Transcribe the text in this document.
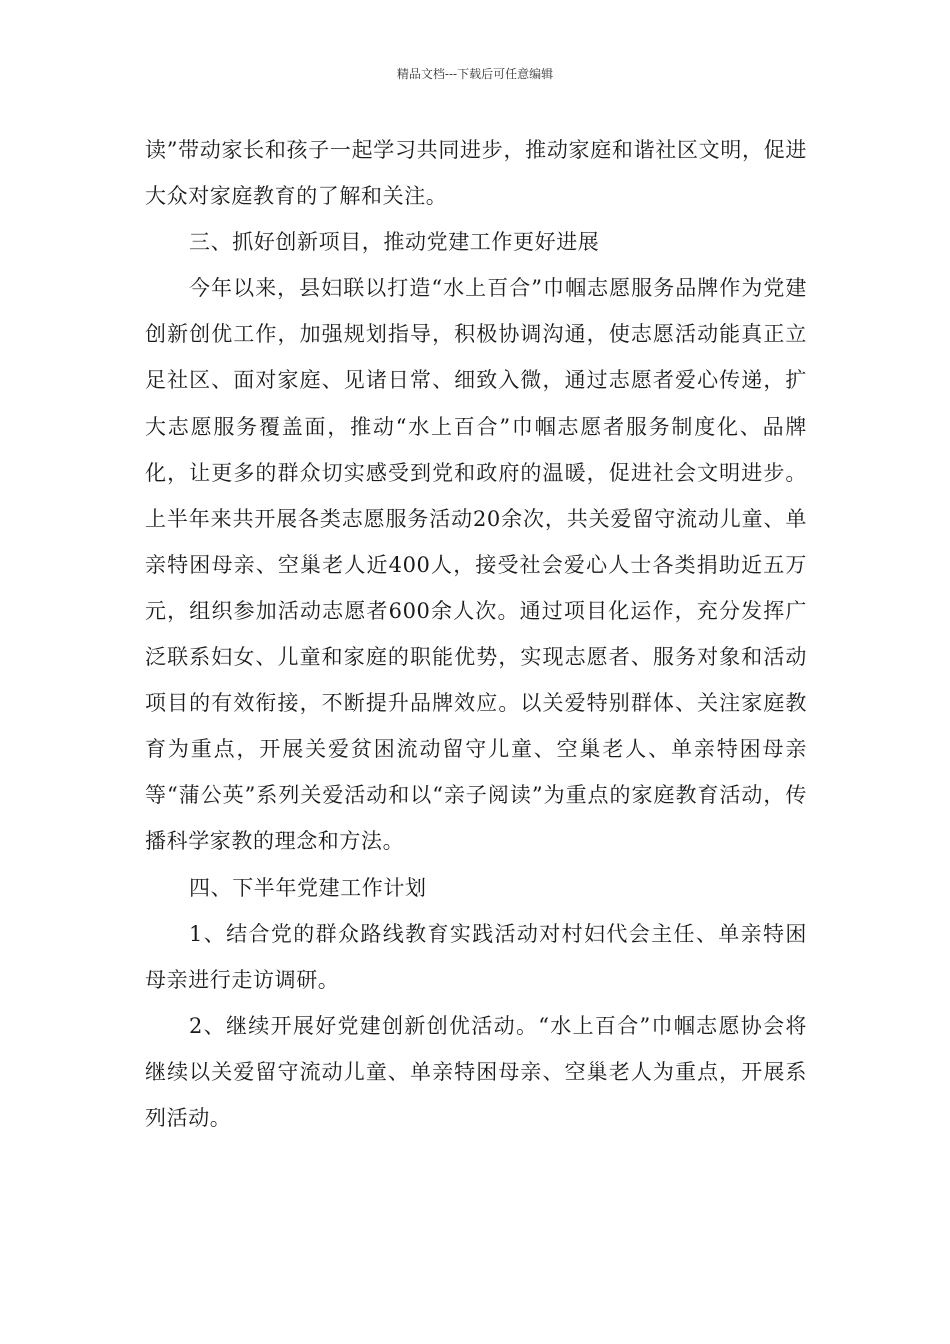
精品文档---下载后可任意编辑

读”带动家长和孩子一起学习共同进步，推动家庭和谐社区文明，促进大众对家庭教育的了解和关注。

三、抓好创新项目，推动党建工作更好进展

今年以来，县妇联以打造“水上百合”巾帼志愿服务品牌作为党建创新创优工作，加强规划指导，积极协调沟通，使志愿活动能真正立足社区、面对家庭、见诸日常、细致入微，通过志愿者爱心传递，扩大志愿服务覆盖面，推动“水上百合”巾帼志愿者服务制度化、品牌化，让更多的群众切实感受到党和政府的温暖，促进社会文明进步。上半年来共开展各类志愿服务活动20余次，共关爱留守流动儿童、单亲特困母亲、空巢老人近400人，接受社会爱心人士各类捐助近五万元，组织参加活动志愿者600余人次。通过项目化运作，充分发挥广泛联系妇女、儿童和家庭的职能优势，实现志愿者、服务对象和活动项目的有效衔接，不断提升品牌效应。以关爱特别群体、关注家庭教育为重点，开展关爱贫困流动留守儿童、空巢老人、单亲特困母亲等“蒲公英”系列关爱活动和以“亲子阅读”为重点的家庭教育活动，传播科学家教的理念和方法。

四、下半年党建工作计划

1、结合党的群众路线教育实践活动对村妇代会主任、单亲特困母亲进行走访调研。

2、继续开展好党建创新创优活动。“水上百合”巾帼志愿协会将继续以关爱留守流动儿童、单亲特困母亲、空巢老人为重点，开展系列活动。
